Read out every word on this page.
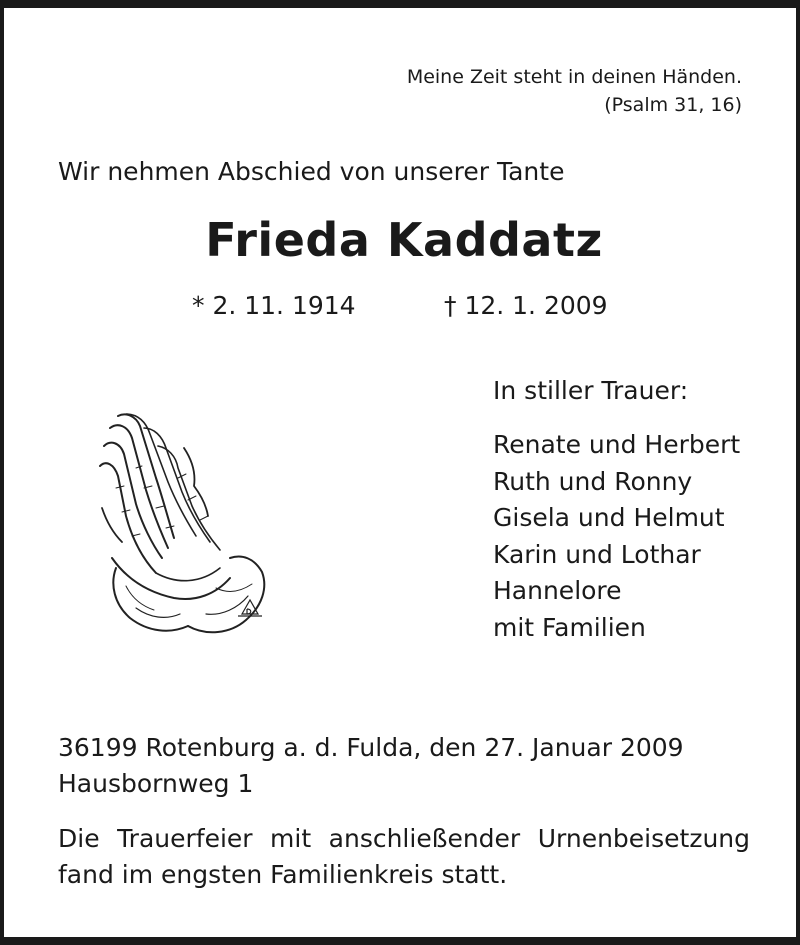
Meine Zeit steht in deinen Händen.
(Psalm 31, 16)
Wir nehmen Abschied von unserer Tante
Frieda Kaddatz
* 2. 11. 1914	† 12. 1. 2009
In stiller Trauer:
Renate und Herbert
Ruth und Ronny
Gisela und Helmut
Karin und Lothar
Hannelore
mit Familien
36199 Rotenburg a. d. Fulda, den 27. Januar 2009
Hausbornweg 1
Die Trauerfeier mit anschließender Urnenbeisetzung fand im engsten Familienkreis statt.
